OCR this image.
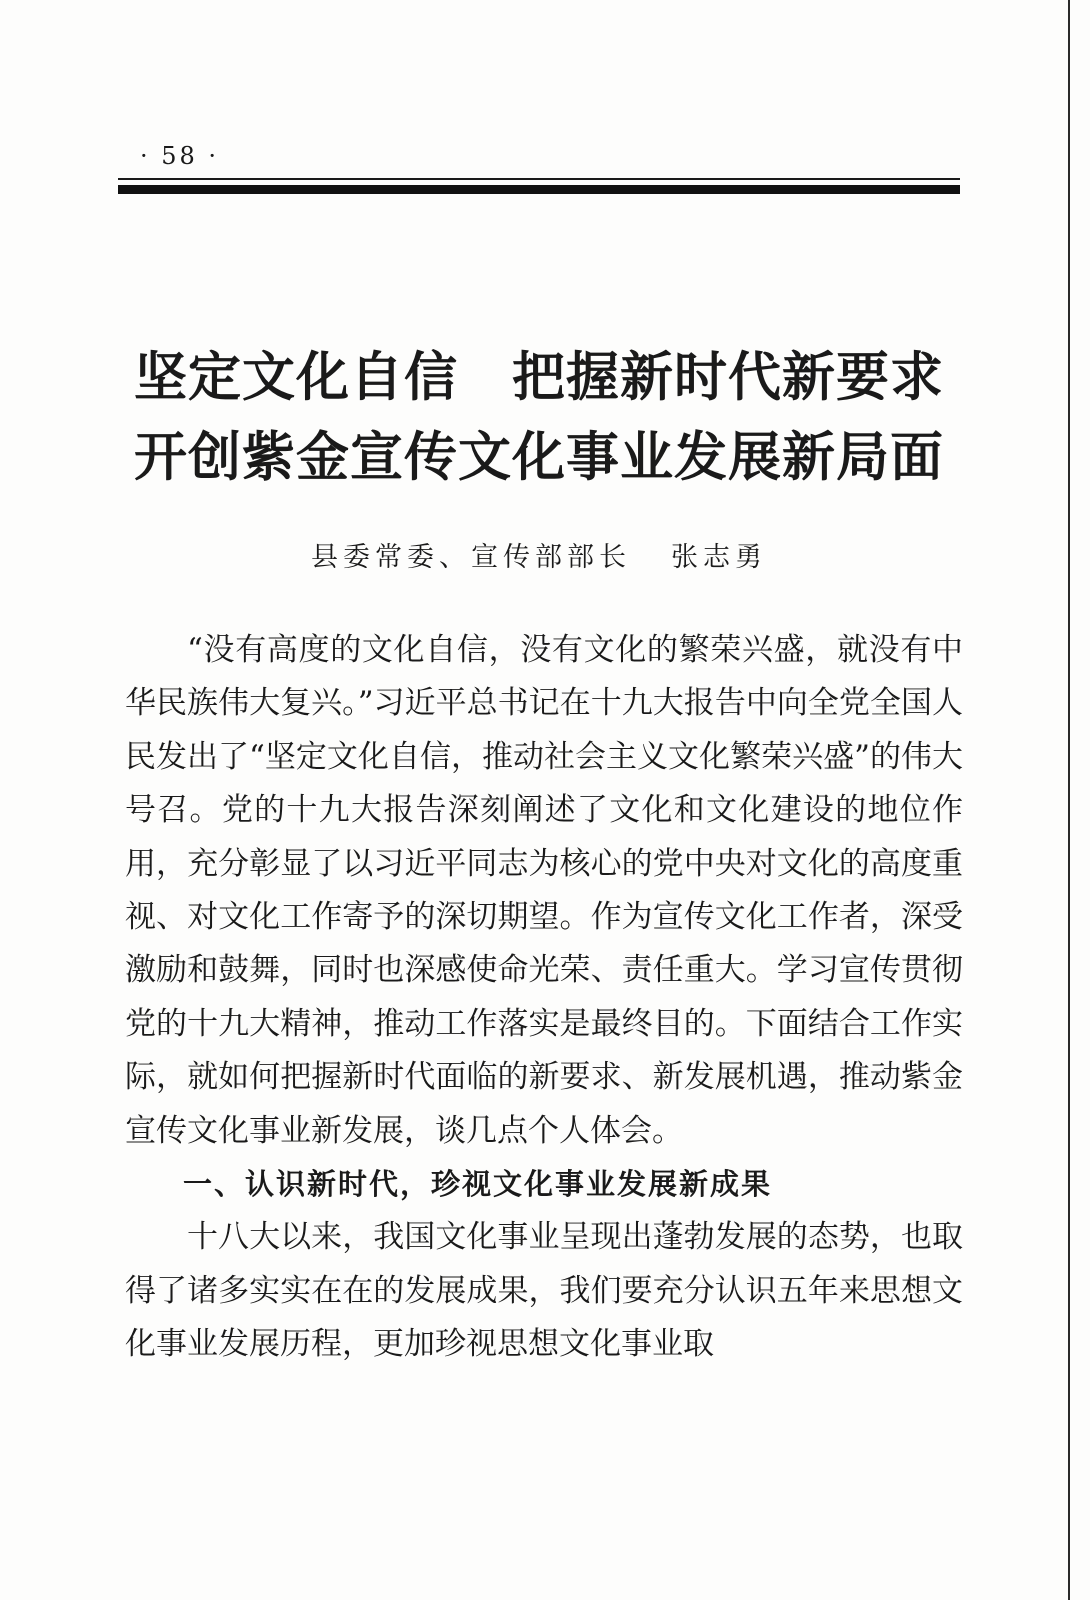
· 58 ·
坚定文化自信 把握新时代新要求
开创紫金宣传文化事业发展新局面
县委常委、宣传部部长 张志勇

“没有高度的文化自信，没有文化的繁荣兴盛，就没有中华民族伟大复兴。”习近平总书记在十九大报告中向全党全国人民发出了“坚定文化自信，推动社会主义文化繁荣兴盛”的伟大号召。党的十九大报告深刻阐述了文化和文化建设的地位作用，充分彰显了以习近平同志为核心的党中央对文化的高度重视、对文化工作寄予的深切期望。作为宣传文化工作者，深受激励和鼓舞，同时也深感使命光荣、责任重大。学习宣传贯彻党的十九大精神，推动工作落实是最终目的。下面结合工作实际，就如何把握新时代面临的新要求、新发展机遇，推动紫金宣传文化事业新发展，谈几点个人体会。

一、认识新时代，珍视文化事业发展新成果

十八大以来，我国文化事业呈现出蓬勃发展的态势，也取得了诸多实实在在的发展成果，我们要充分认识五年来思想文化事业发展历程，更加珍视思想文化事业取
